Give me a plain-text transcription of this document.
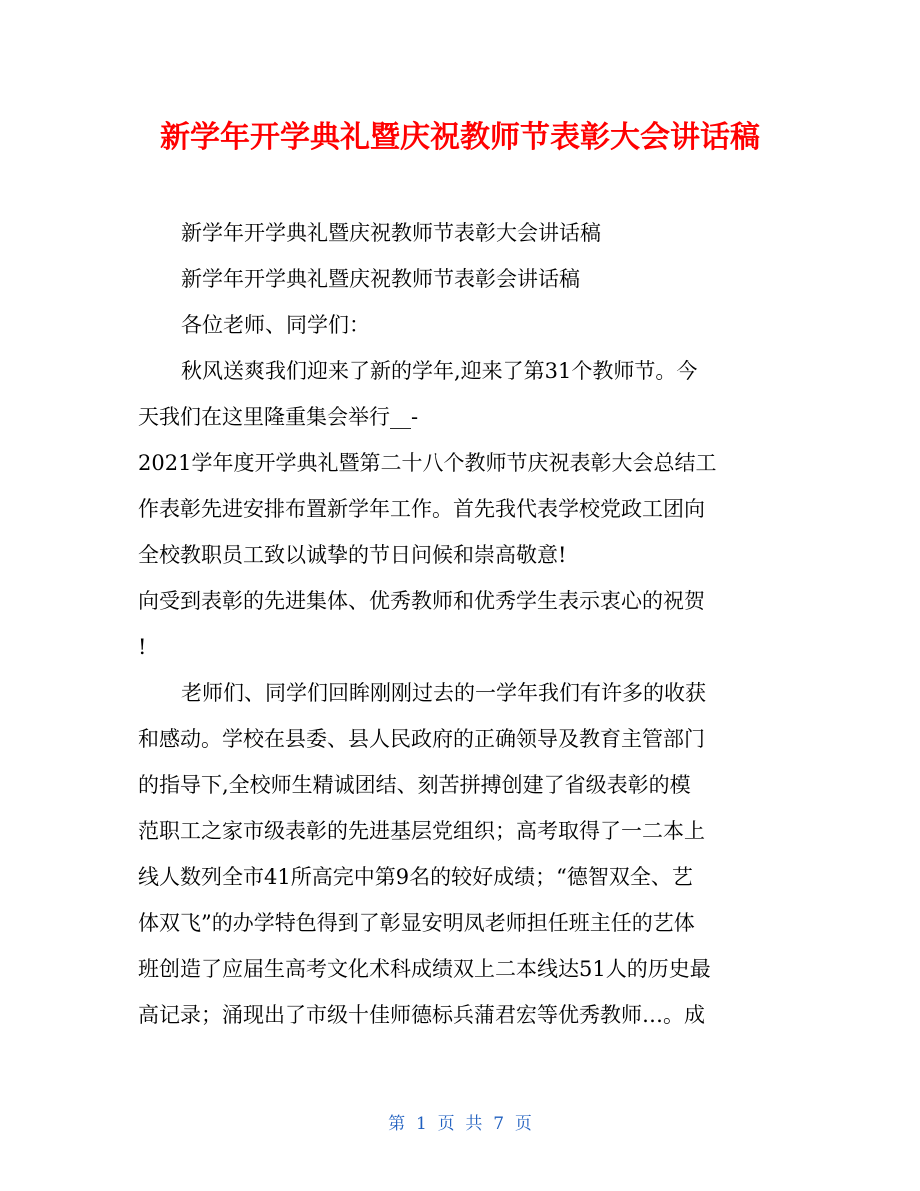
新学年开学典礼暨庆祝教师节表彰大会讲话稿
新学年开学典礼暨庆祝教师节表彰大会讲话稿
新学年开学典礼暨庆祝教师节表彰会讲话稿
各位老师、同学们：
秋风送爽我们迎来了新的学年,迎来了第31个教师节。今
天我们在这里隆重集会举行__-
2021学年度开学典礼暨第二十八个教师节庆祝表彰大会总结工
作表彰先进安排布置新学年工作。首先我代表学校党政工团向
全校教职员工致以诚挚的节日问候和崇高敬意!
向受到表彰的先进集体、优秀教师和优秀学生表示衷心的祝贺
!
老师们、同学们回眸刚刚过去的一学年我们有许多的收获
和感动。学校在县委、县人民政府的正确领导及教育主管部门
的指导下,全校师生精诚团结、刻苦拼搏创建了省级表彰的模
范职工之家市级表彰的先进基层党组织；高考取得了一二本上
线人数列全市41所高完中第9名的较好成绩；“德智双全、艺
体双飞”的办学特色得到了彰显安明凤老师担任班主任的艺体
班创造了应届生高考文化术科成绩双上二本线达51人的历史最
高记录；涌现出了市级十佳师德标兵蒲君宏等优秀教师…。成
第  1  页  共  7  页
